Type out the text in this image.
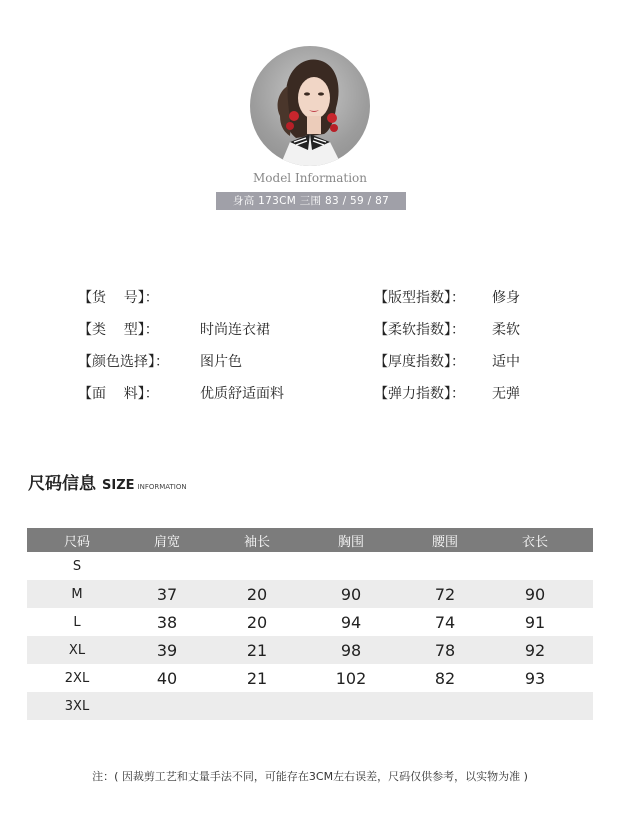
Model Information
身高 173CM 三围 83 / 59 / 87
【货    号】：
【类    型】：	时尚连衣裙
【颜色选择】： 图片色
【面    料】：	优质舒适面料
【版型指数】： 修身
【柔软指数】： 柔软
【厚度指数】： 适中
【弹力指数】： 无弹
尺码信息 SIZE INFORMATION
尺码	肩宽	袖长	胸围	腰围	衣长
S
M	37	20	90	72	90
L	38	20	94	74	91
XL	39	21	98	78	92
2XL	40	21	102	82	93
3XL
注：( 因裁剪工艺和丈量手法不同，可能存在3CM左右误差，尺码仅供参考，以实物为准 )
